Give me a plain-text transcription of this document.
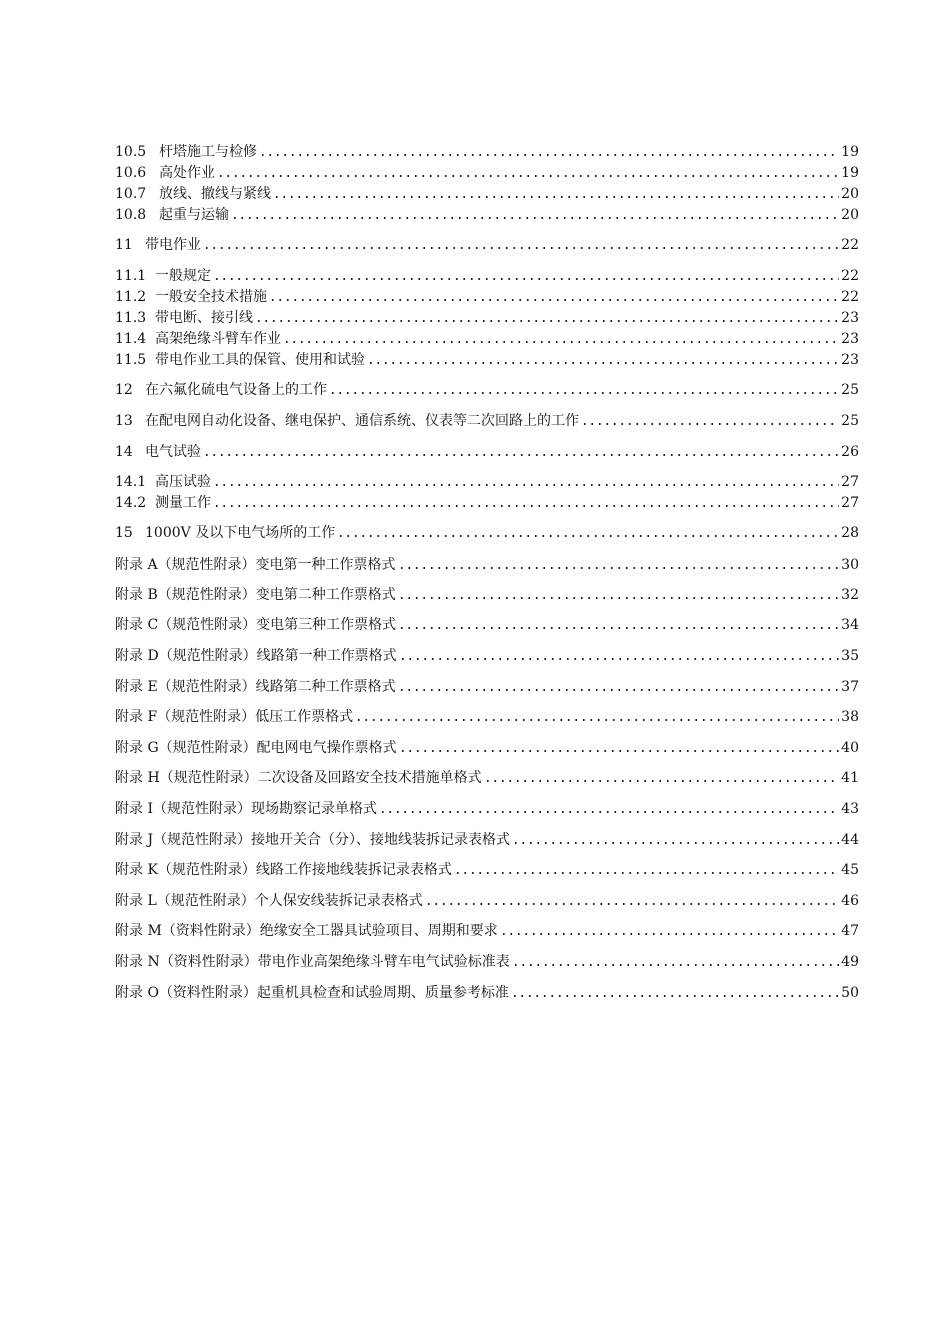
10.5 杆塔施工与检修	19
10.6 高处作业	19
10.7 放线、撤线与紧线	20
10.8 起重与运输	20
11 带电作业	22
11.1 一般规定	22
11.2 一般安全技术措施	22
11.3 带电断、接引线	23
11.4 高架绝缘斗臂车作业	23
11.5 带电作业工具的保管、使用和试验	23
12 在六氟化硫电气设备上的工作	25
13 在配电网自动化设备、继电保护、通信系统、仪表等二次回路上的工作	25
14 电气试验	26
14.1 高压试验	27
14.2 测量工作	27
15 1000V 及以下电气场所的工作	28
附录 A （规范性附录）变电第一种工作票格式	30
附录 B （规范性附录）变电第二种工作票格式	32
附录 C （规范性附录）变电第三种工作票格式	34
附录 D （规范性附录）线路第一种工作票格式	35
附录 E （规范性附录）线路第二种工作票格式	37
附录 F （规范性附录）低压工作票格式	38
附录 G （规范性附录）配电网电气操作票格式	40
附录 H （规范性附录）二次设备及回路安全技术措施单格式	41
附录 I （规范性附录）现场勘察记录单格式	43
附录 J （规范性附录）接地开关合（分）、接地线装拆记录表格式	44
附录 K （规范性附录）线路工作接地线装拆记录表格式	45
附录 L （规范性附录）个人保安线装拆记录表格式	46
附录 M （资料性附录）绝缘安全工器具试验项目、周期和要求	47
附录 N （资料性附录）带电作业高架绝缘斗臂车电气试验标准表	49
附录 O （资料性附录）起重机具检查和试验周期、质量参考标准	50
